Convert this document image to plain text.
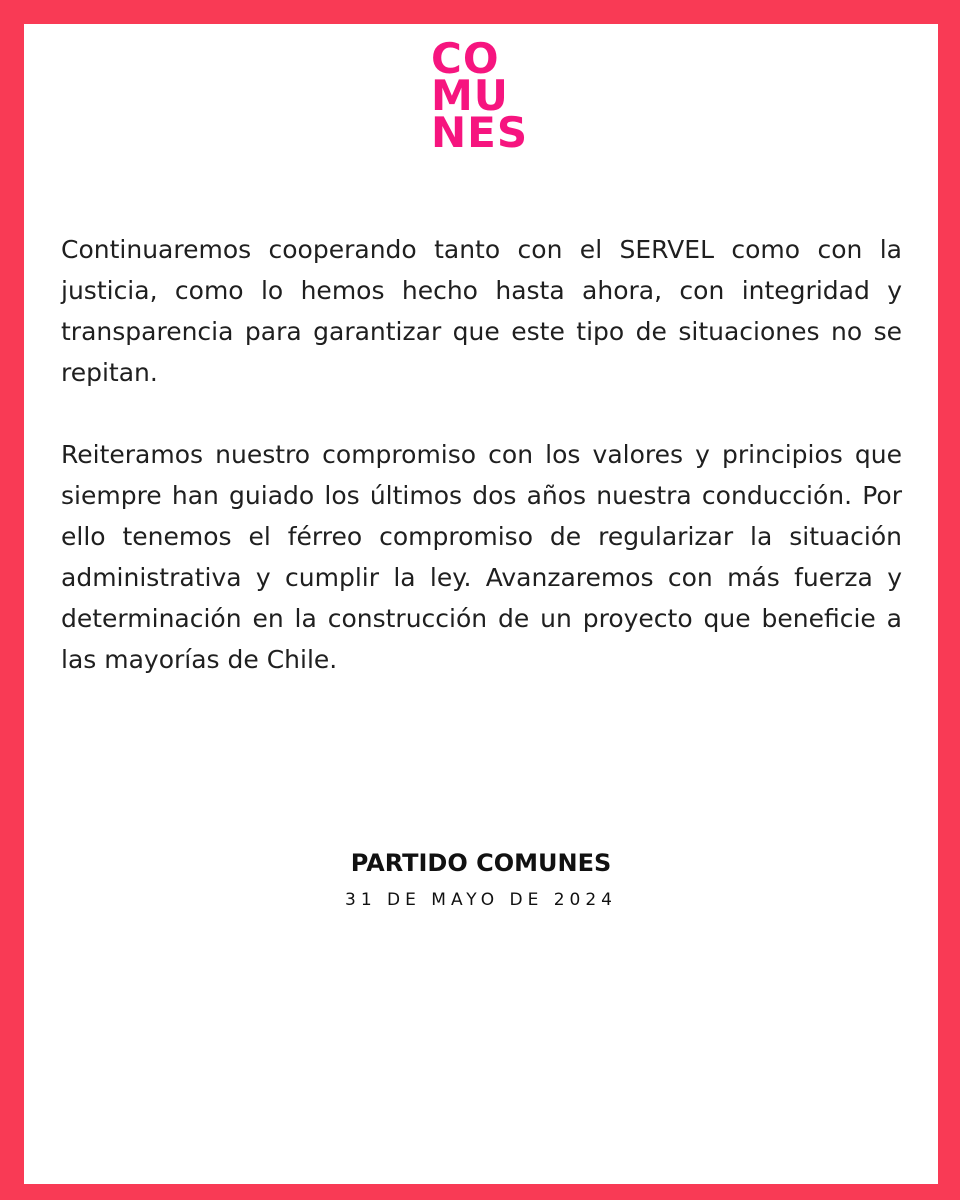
CO
MU
NES

Continuaremos cooperando tanto con el SERVEL como con la justicia, como lo hemos hecho hasta ahora, con integridad y transparencia para garantizar que este tipo de situaciones no se repitan.

Reiteramos nuestro compromiso con los valores y principios que siempre han guiado los últimos dos años nuestra conducción. Por ello tenemos el férreo compromiso de regularizar la situación administrativa y cumplir la ley. Avanzaremos con más fuerza y determinación en la construcción de un proyecto que beneficie a las mayorías de Chile.

PARTIDO COMUNES
31 DE MAYO DE 2024
